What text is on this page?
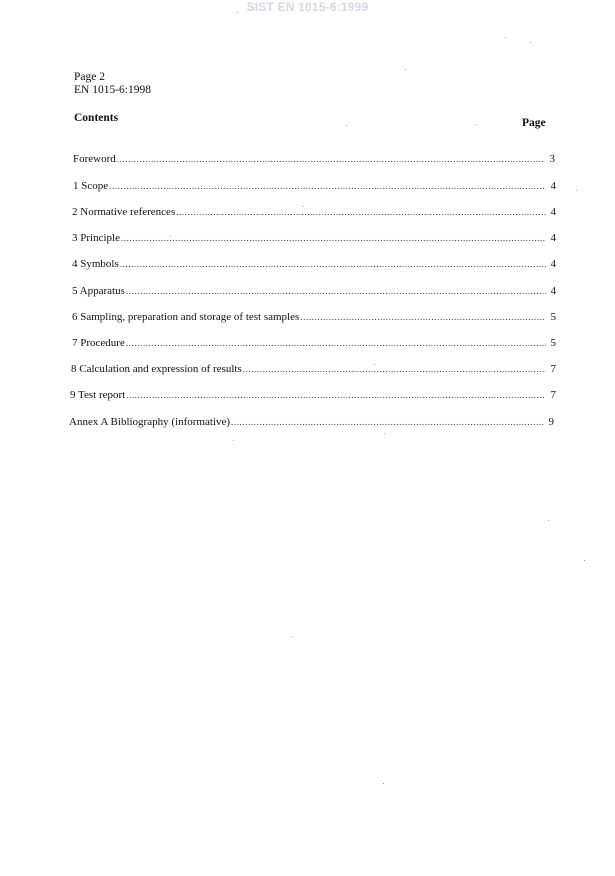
SIST EN 1015-6:1999
Page 2
EN 1015-6:1998
Contents	Page
Foreword .....	3
1 Scope .....	4
2 Normative references .....	4
3 Principle .....	4
4 Symbols .....	4
5 Apparatus .....	4
6 Sampling, preparation and storage of test samples .....	5
7 Procedure .....	5
8 Calculation and expression of results .....	7
9 Test report .....	7
Annex A Bibliography (informative) .....	9
